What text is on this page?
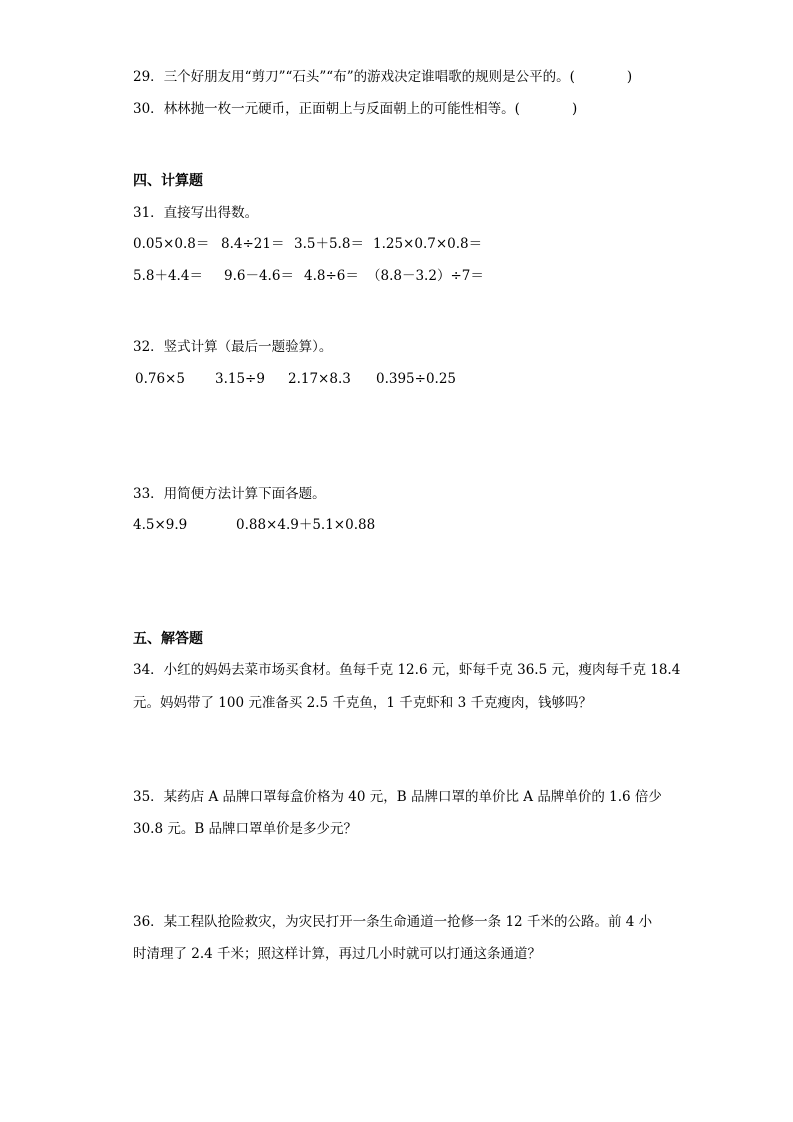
29．三个好朋友用“剪刀”“石头”“布”的游戏决定谁唱歌的规则是公平的。(	)
30．林林抛一枚一元硬币，正面朝上与反面朝上的可能性相等。(	)
四、计算题
31．直接写出得数。
0.05×0.8＝ 8.4÷21＝ 3.5＋5.8＝ 1.25×0.7×0.8＝
5.8＋4.4＝ 9.6－4.6＝ 4.8÷6＝ （8.8－3.2）÷7＝
32．竖式计算（最后一题验算）。
0.76×5 3.15÷9 2.17×8.3 0.395÷0.25
33．用简便方法计算下面各题。
4.5×9.9	0.88×4.9＋5.1×0.88
五、解答题
34．小红的妈妈去菜市场买食材。鱼每千克 12.6 元，虾每千克 36.5 元，瘦肉每千克 18.4
元。妈妈带了 100 元准备买 2.5 千克鱼，1 千克虾和 3 千克瘦肉，钱够吗？
35．某药店 A 品牌口罩每盒价格为 40 元，B 品牌口罩的单价比 A 品牌单价的 1.6 倍少
30.8 元。B 品牌口罩单价是多少元？
36．某工程队抢险救灾，为灾民打开一条生命通道一抢修一条 12 千米的公路。前 4 小
时清理了 2.4 千米；照这样计算，再过几小时就可以打通这条通道？
